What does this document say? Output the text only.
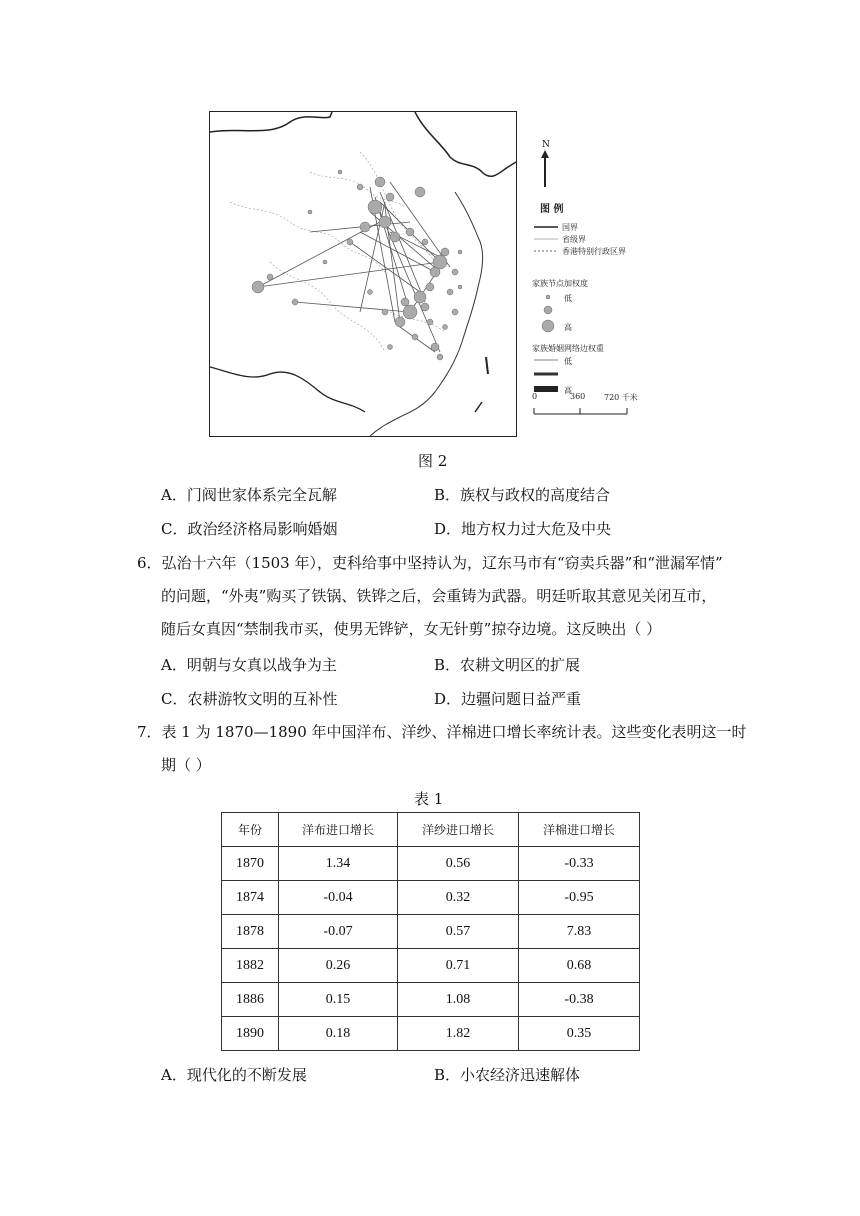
N
图 例
国界
省级界
香港特别行政区界
家族节点加权度
低
高
家族婚姻网络边权重
低
高
0	360 720 千米
图 2
A．门阀世家体系完全瓦解	B．族权与政权的高度结合
C．政治经济格局影响婚姻	D．地方权力过大危及中央
6．弘治十六年（1503 年），吏科给事中坚持认为，辽东马市有“窃卖兵器”和“泄漏军情”
的问题，“外夷”购买了铁锅、铁铧之后，会重铸为武器。明廷听取其意见关闭互市，
随后女真因“禁制我市买，使男无铧铲，女无针剪”掠夺边境。这反映出（ ）
A．明朝与女真以战争为主	B．农耕文明区的扩展
C．农耕游牧文明的互补性	D．边疆问题日益严重
7．表 1 为 1870—1890 年中国洋布、洋纱、洋棉进口增长率统计表。这些变化表明这一时
期（ ）
表 1
年份	洋布进口增长	洋纱进口增长	洋棉进口增长
1870	1.34	0.56	-0.33
1874	-0.04	0.32	-0.95
1878	-0.07	0.57	7.83
1882	0.26	0.71	0.68
1886	0.15	1.08	-0.38
1890	0.18	1.82	0.35
A．现代化的不断发展	B．小农经济迅速解体
